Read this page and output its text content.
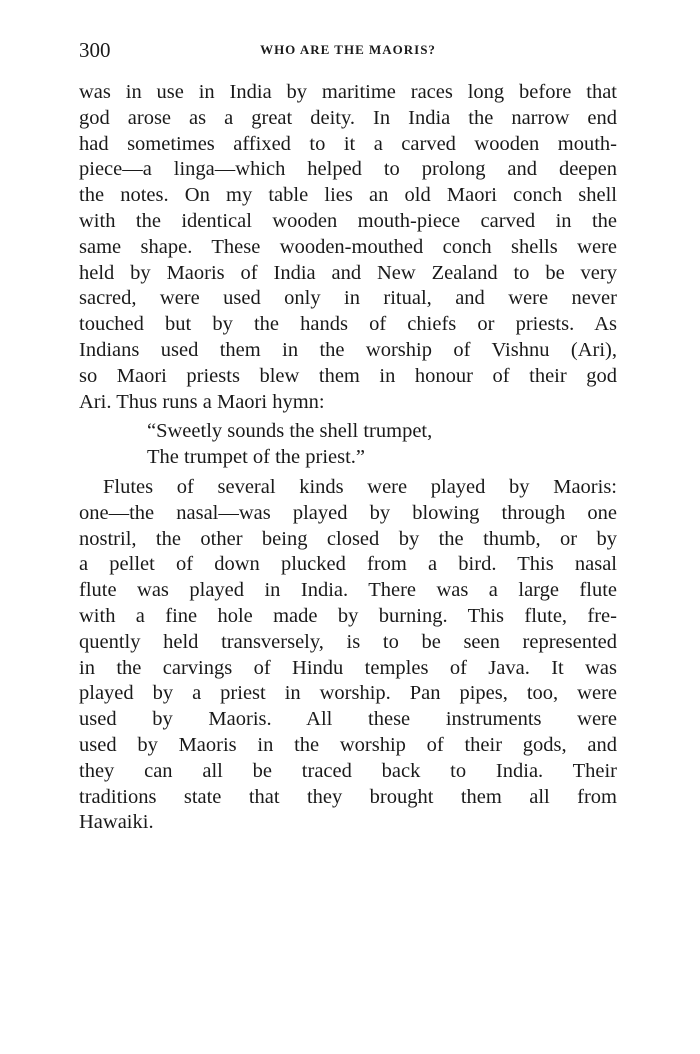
300	WHO ARE THE MAORIS?
was in use in India by maritime races long before that
god arose as a great deity. In India the narrow end
had sometimes affixed to it a carved wooden mouth-
piece—a linga—which helped to prolong and deepen
the notes. On my table lies an old Maori conch shell
with the identical wooden mouth-piece carved in the
same shape. These wooden-mouthed conch shells were
held by Maoris of India and New Zealand to be very
sacred, were used only in ritual, and were never
touched but by the hands of chiefs or priests. As
Indians used them in the worship of Vishnu (Ari),
so Maori priests blew them in honour of their god
Ari. Thus runs a Maori hymn:
“Sweetly sounds the shell trumpet,
The trumpet of the priest.”
Flutes of several kinds were played by Maoris:
one—the nasal—was played by blowing through one
nostril, the other being closed by the thumb, or by
a pellet of down plucked from a bird. This nasal
flute was played in India. There was a large flute
with a fine hole made by burning. This flute, fre-
quently held transversely, is to be seen represented
in the carvings of Hindu temples of Java. It was
played by a priest in worship. Pan pipes, too, were
used by Maoris. All these instruments were
used by Maoris in the worship of their gods, and
they can all be traced back to India. Their
traditions state that they brought them all from
Hawaiki.
